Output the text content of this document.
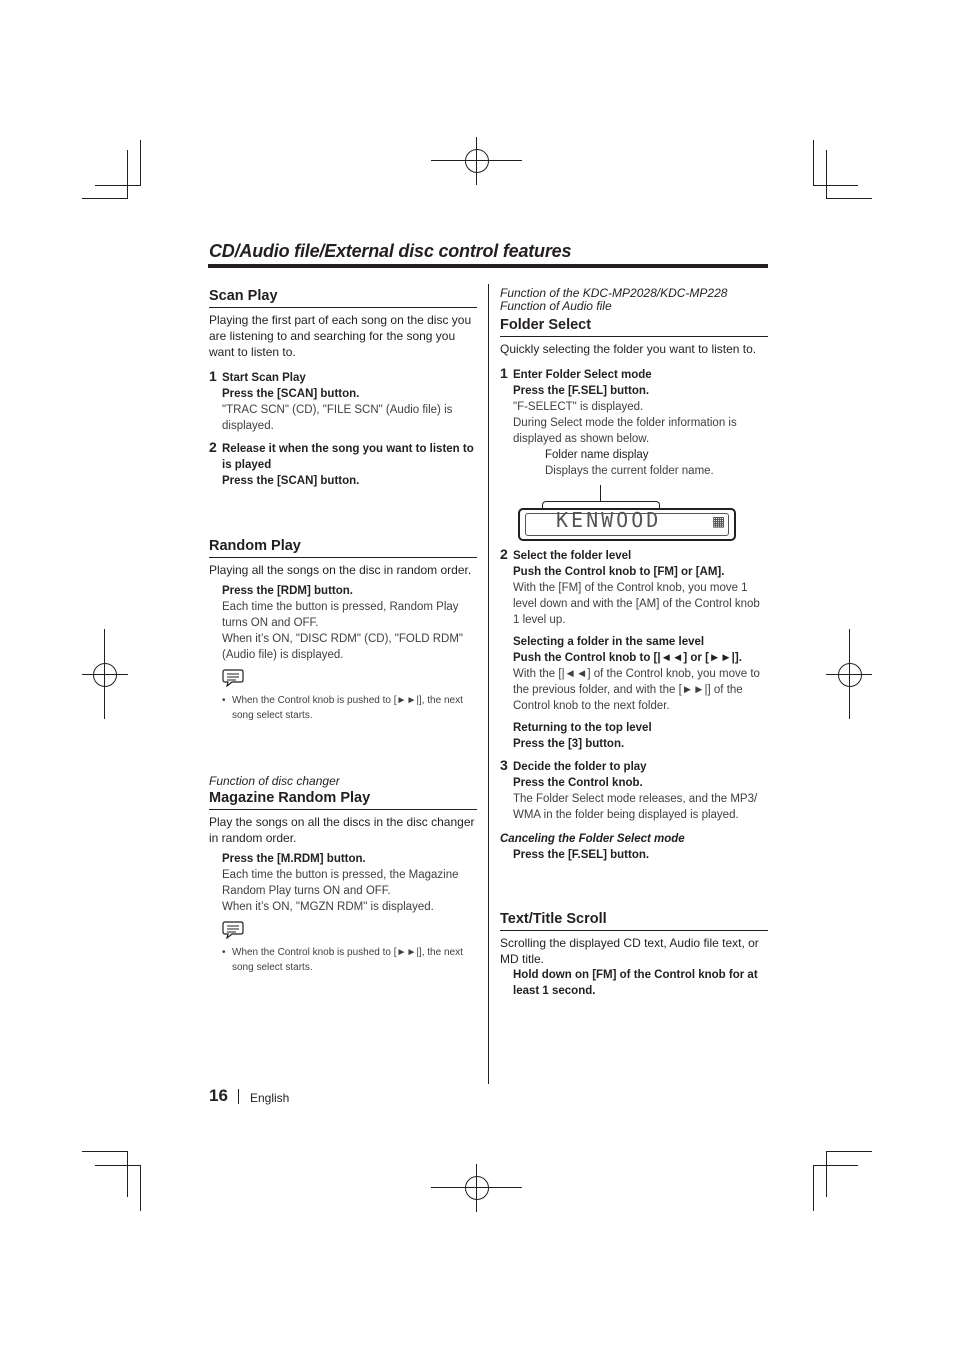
CD/Audio file/External disc control features
Scan Play

Playing the first part of each song on the disc you are listening to and searching for the song you want to listen to.

1 Start Scan Play
Press the [SCAN] button.
"TRAC SCN" (CD), "FILE SCN" (Audio file) is displayed.
2 Release it when the song you want to listen to is played
Press the [SCAN] button.
Random Play

Playing all the songs on the disc in random order.

Press the [RDM] button.
Each time the button is pressed, Random Play turns ON and OFF.
When it’s ON, "DISC RDM" (CD), "FOLD RDM" (Audio file) is displayed.
• When the Control knob is pushed to [►►|], the next song select starts.
Function of disc changer
Magazine Random Play

Play the songs on all the discs in the disc changer in random order.

Press the [M.RDM] button.
Each time the button is pressed, the Magazine Random Play turns ON and OFF.
When it’s ON, "MGZN RDM" is displayed.
• When the Control knob is pushed to [►►|], the next song select starts.
Function of the KDC-MP2028/KDC-MP228
Function of Audio file
Folder Select

Quickly selecting the folder you want to listen to.

1 Enter Folder Select mode
Press the [F.SEL] button.
"F-SELECT" is displayed.
During Select mode the folder information is displayed as shown below.
Folder name display
Displays the current folder name.
KENWOOD	▦
2 Select the folder level
Push the Control knob to [FM] or [AM].
With the [FM] of the Control knob, you move 1 level down and with the [AM] of the Control knob 1 level up.
Selecting a folder in the same level
Push the Control knob to [|◄◄] or [►►|].
With the [|◄◄] of the Control knob, you move to the previous folder, and with the [►►|] of the Control knob to the next folder.
Returning to the top level
Press the [3] button.
3 Decide the folder to play
Press the Control knob.
The Folder Select mode releases, and the MP3/ WMA in the folder being displayed is played.
Canceling the Folder Select mode
Press the [F.SEL] button.
Text/Title Scroll

Scrolling the displayed CD text, Audio file text, or MD title.

Hold down on [FM] of the Control knob for at least 1 second.
16 English
